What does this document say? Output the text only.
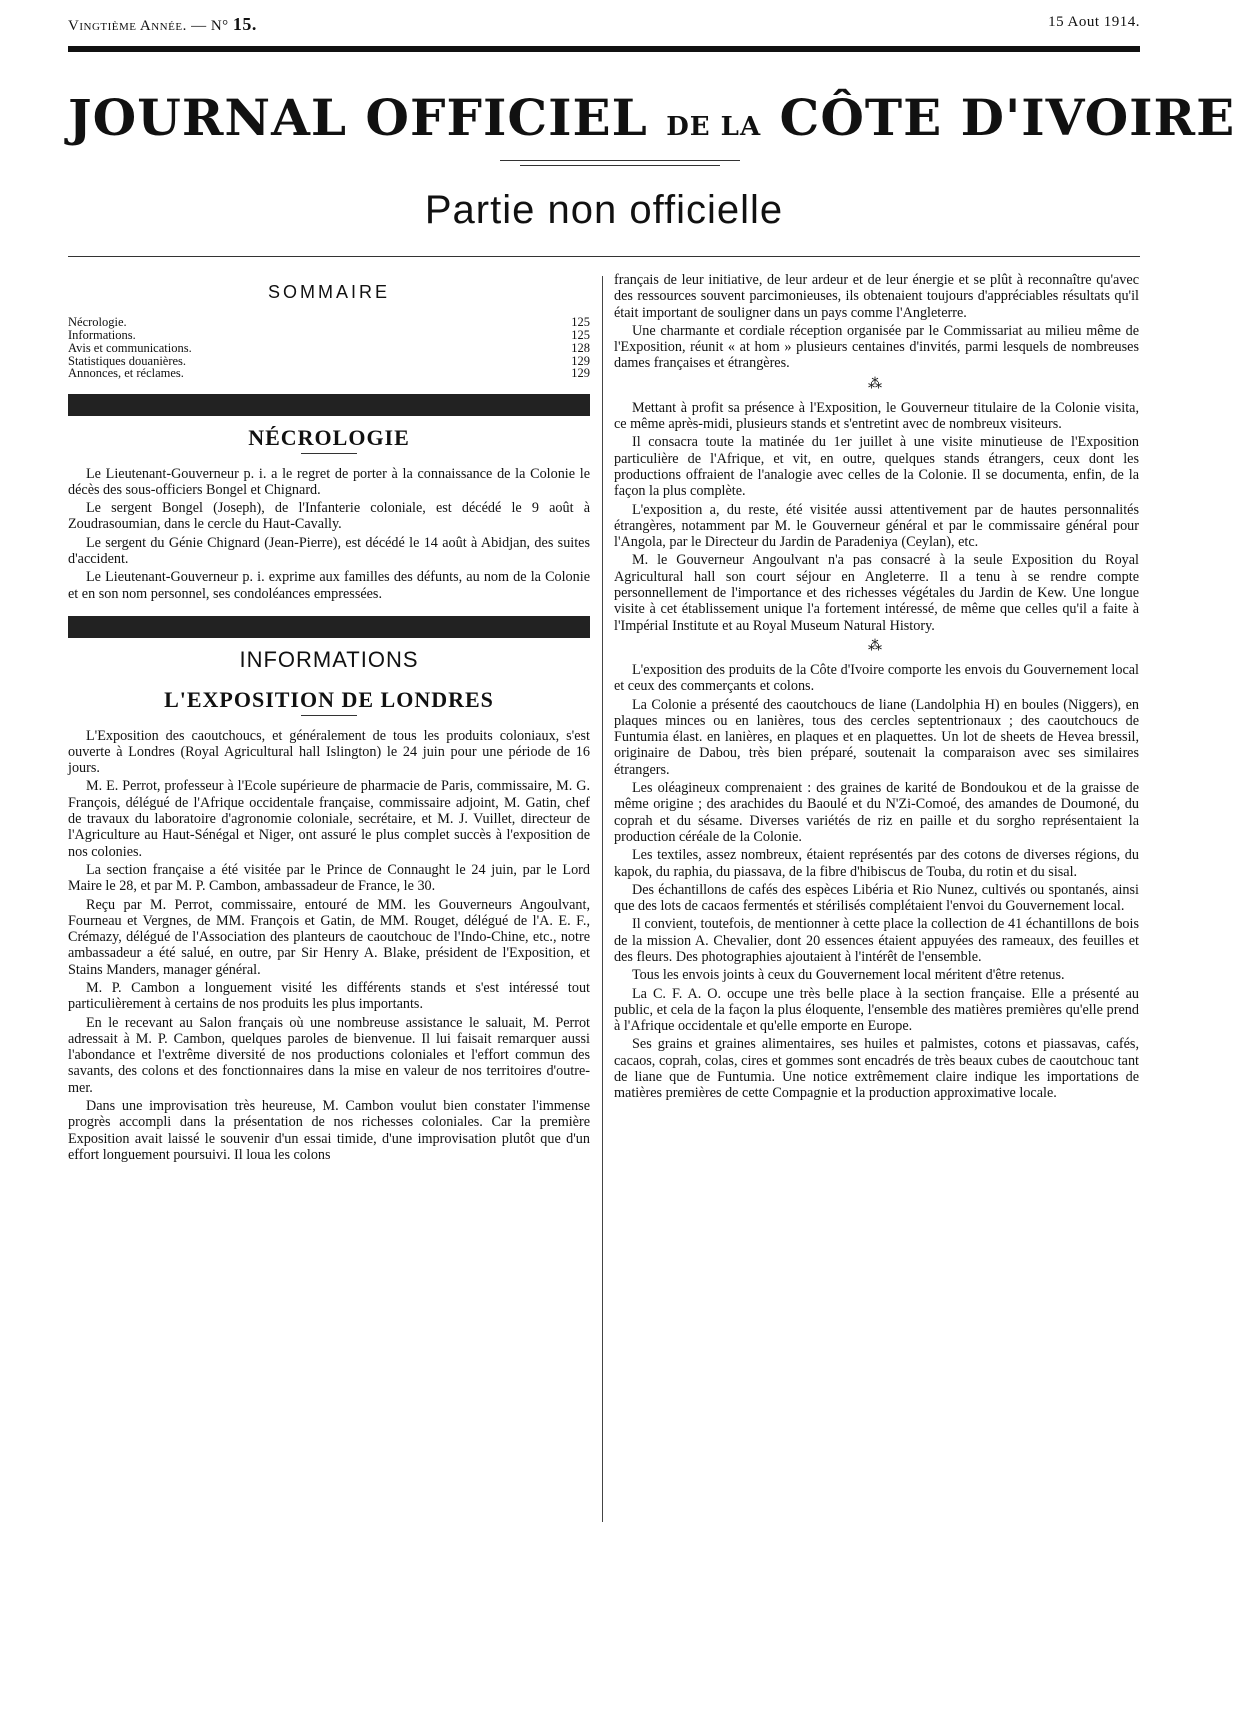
Vingtième Année. — N° 15.	15 Aout 1914.
JOURNAL OFFICIEL DE LA CÔTE D'IVOIRE
Partie non officielle
SOMMAIRE
Nécrologie.	125
Informations.	125
Avis et communications.	128
Statistiques douanières.	129
Annonces, et réclames.	129
NÉCROLOGIE

Le Lieutenant-Gouverneur p. i. a le regret de porter à la connaissance de la Colonie le décès des sous-officiers Bongel et Chignard.

Le sergent Bongel (Joseph), de l'Infanterie coloniale, est décédé le 9 août à Zoudrasoumian, dans le cercle du Haut-Cavally.

Le sergent du Génie Chignard (Jean-Pierre), est décédé le 14 août à Abidjan, des suites d'accident.

Le Lieutenant-Gouverneur p. i. exprime aux familles des défunts, au nom de la Colonie et en son nom personnel, ses condoléances empressées.

INFORMATIONS
L'EXPOSITION DE LONDRES

L'Exposition des caoutchoucs, et généralement de tous les produits coloniaux, s'est ouverte à Londres (Royal Agricultural hall Islington) le 24 juin pour une période de 16 jours.

M. E. Perrot, professeur à l'Ecole supérieure de pharmacie de Paris, commissaire, M. G. François, délégué de l'Afrique occidentale française, commissaire adjoint, M. Gatin, chef de travaux du laboratoire d'agronomie coloniale, secrétaire, et M. J. Vuillet, directeur de l'Agriculture au Haut-Sénégal et Niger, ont assuré le plus complet succès à l'exposition de nos colonies.

La section française a été visitée par le Prince de Connaught le 24 juin, par le Lord Maire le 28, et par M. P. Cambon, ambassadeur de France, le 30.

Reçu par M. Perrot, commissaire, entouré de MM. les Gouverneurs Angoulvant, Fourneau et Vergnes, de MM. François et Gatin, de MM. Rouget, délégué de l'A. E. F., Crémazy, délégué de l'Association des planteurs de caoutchouc de l'Indo-Chine, etc., notre ambassadeur a été salué, en outre, par Sir Henry A. Blake, président de l'Exposition, et Stains Manders, manager général.

M. P. Cambon a longuement visité les différents stands et s'est intéressé tout particulièrement à certains de nos produits les plus importants.

En le recevant au Salon français où une nombreuse assistance le saluait, M. Perrot adressait à M. P. Cambon, quelques paroles de bienvenue. Il lui faisait remarquer aussi l'abondance et l'extrême diversité de nos productions coloniales et l'effort commun des savants, des colons et des fonctionnaires dans la mise en valeur de nos territoires d'outre-mer.

Dans une improvisation très heureuse, M. Cambon voulut bien constater l'immense progrès accompli dans la présentation de nos richesses coloniales. Car la première Exposition avait laissé le souvenir d'un essai timide, d'une improvisation plutôt que d'un effort longuement poursuivi. Il loua les colons

français de leur initiative, de leur ardeur et de leur énergie et se plût à reconnaître qu'avec des ressources souvent parcimonieuses, ils obtenaient toujours d'appréciables résultats qu'il était important de souligner dans un pays comme l'Angleterre.

Une charmante et cordiale réception organisée par le Commissariat au milieu même de l'Exposition, réunit « at hom » plusieurs centaines d'invités, parmi lesquels de nombreuses dames françaises et étrangères.

⁂

Mettant à profit sa présence à l'Exposition, le Gouverneur titulaire de la Colonie visita, ce même après-midi, plusieurs stands et s'entretint avec de nombreux visiteurs.

Il consacra toute la matinée du 1er juillet à une visite minutieuse de l'Exposition particulière de l'Afrique, et vit, en outre, quelques stands étrangers, ceux dont les productions offraient de l'analogie avec celles de la Colonie. Il se documenta, enfin, de la façon la plus complète.

L'exposition a, du reste, été visitée aussi attentivement par de hautes personnalités étrangères, notamment par M. le Gouverneur général et par le commissaire général pour l'Angola, par le Directeur du Jardin de Paradeniya (Ceylan), etc.

M. le Gouverneur Angoulvant n'a pas consacré à la seule Exposition du Royal Agricultural hall son court séjour en Angleterre. Il a tenu à se rendre compte personnellement de l'importance et des richesses végétales du Jardin de Kew. Une longue visite à cet établissement unique l'a fortement intéressé, de même que celles qu'il a faite à l'Impérial Institute et au Royal Museum Natural History.

⁂

L'exposition des produits de la Côte d'Ivoire comporte les envois du Gouvernement local et ceux des commerçants et colons.

La Colonie a présenté des caoutchoucs de liane (Landolphia H) en boules (Niggers), en plaques minces ou en lanières, tous des cercles septentrionaux ; des caoutchoucs de Funtumia élast. en lanières, en plaques et en plaquettes. Un lot de sheets de Hevea bressil, originaire de Dabou, très bien préparé, soutenait la comparaison avec ses similaires étrangers.

Les oléagineux comprenaient : des graines de karité de Bondoukou et de la graisse de même origine ; des arachides du Baoulé et du N'Zi-Comoé, des amandes de Doumoné, du coprah et du sésame. Diverses variétés de riz en paille et du sorgho représentaient la production céréale de la Colonie.

Les textiles, assez nombreux, étaient représentés par des cotons de diverses régions, du kapok, du raphia, du piassava, de la fibre d'hibiscus de Touba, du rotin et du sisal.

Des échantillons de cafés des espèces Libéria et Rio Nunez, cultivés ou spontanés, ainsi que des lots de cacaos fermentés et stérilisés complétaient l'envoi du Gouvernement local.

Il convient, toutefois, de mentionner à cette place la collection de 41 échantillons de bois de la mission A. Chevalier, dont 20 essences étaient appuyées des rameaux, des feuilles et des fleurs. Des photographies ajoutaient à l'intérêt de l'ensemble.

Tous les envois joints à ceux du Gouvernement local méritent d'être retenus.

La C. F. A. O. occupe une très belle place à la section française. Elle a présenté au public, et cela de la façon la plus éloquente, l'ensemble des matières premières qu'elle prend à l'Afrique occidentale et qu'elle emporte en Europe.

Ses grains et graines alimentaires, ses huiles et palmistes, cotons et piassavas, cafés, cacaos, coprah, colas, cires et gommes sont encadrés de très beaux cubes de caoutchouc tant de liane que de Funtumia. Une notice extrêmement claire indique les importations de matières premières de cette Compagnie et la production approximative locale.
